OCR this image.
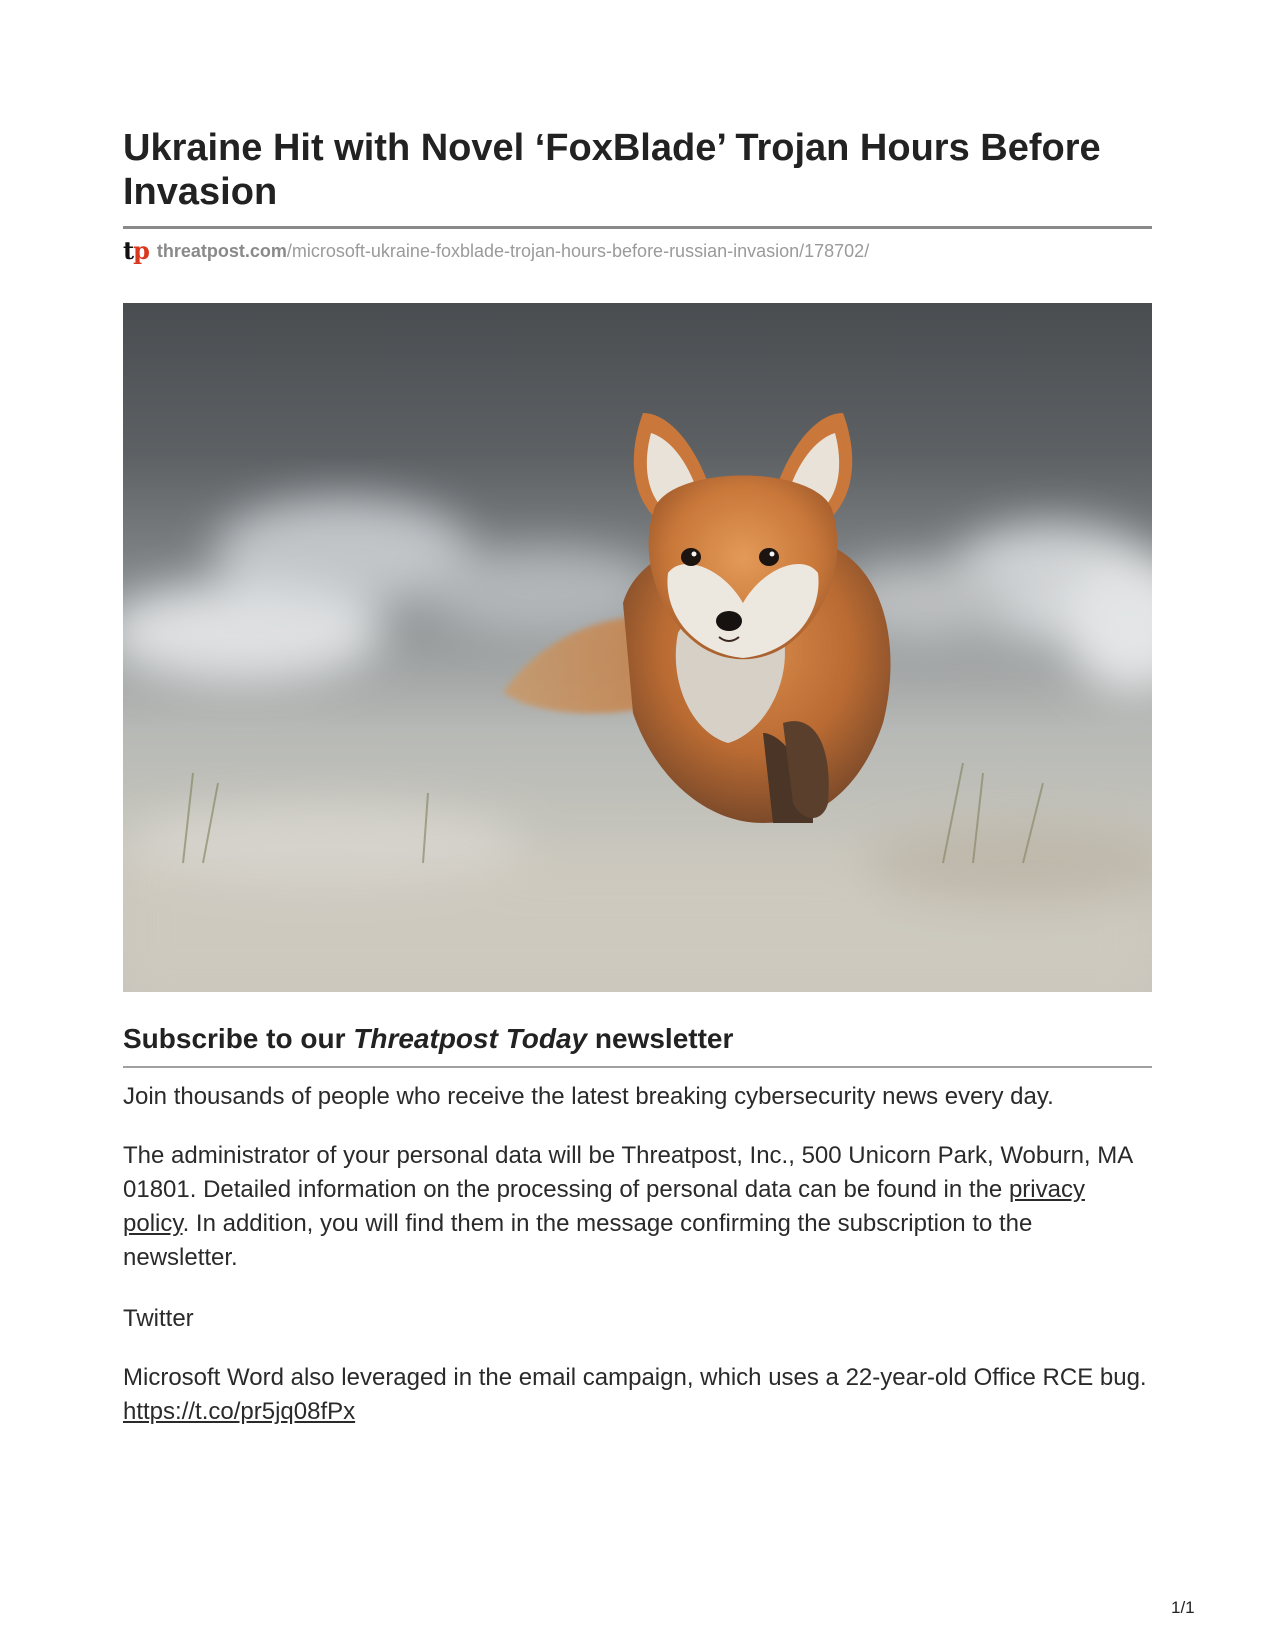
Ukraine Hit with Novel ‘FoxBlade’ Trojan Hours Before Invasion
tp threatpost.com /microsoft-ukraine-foxblade-trojan-hours-before-russian-invasion/178702/
Subscribe to our Threatpost Today newsletter

Join thousands of people who receive the latest breaking cybersecurity news every day.

The administrator of your personal data will be Threatpost, Inc., 500 Unicorn Park, Woburn, MA 01801. Detailed information on the processing of personal data can be found in the privacy policy. In addition, you will find them in the message confirming the subscription to the newsletter.

Twitter

Microsoft Word also leveraged in the email campaign, which uses a 22-year-old Office RCE bug. https://t.co/pr5jq08fPx

1/1
